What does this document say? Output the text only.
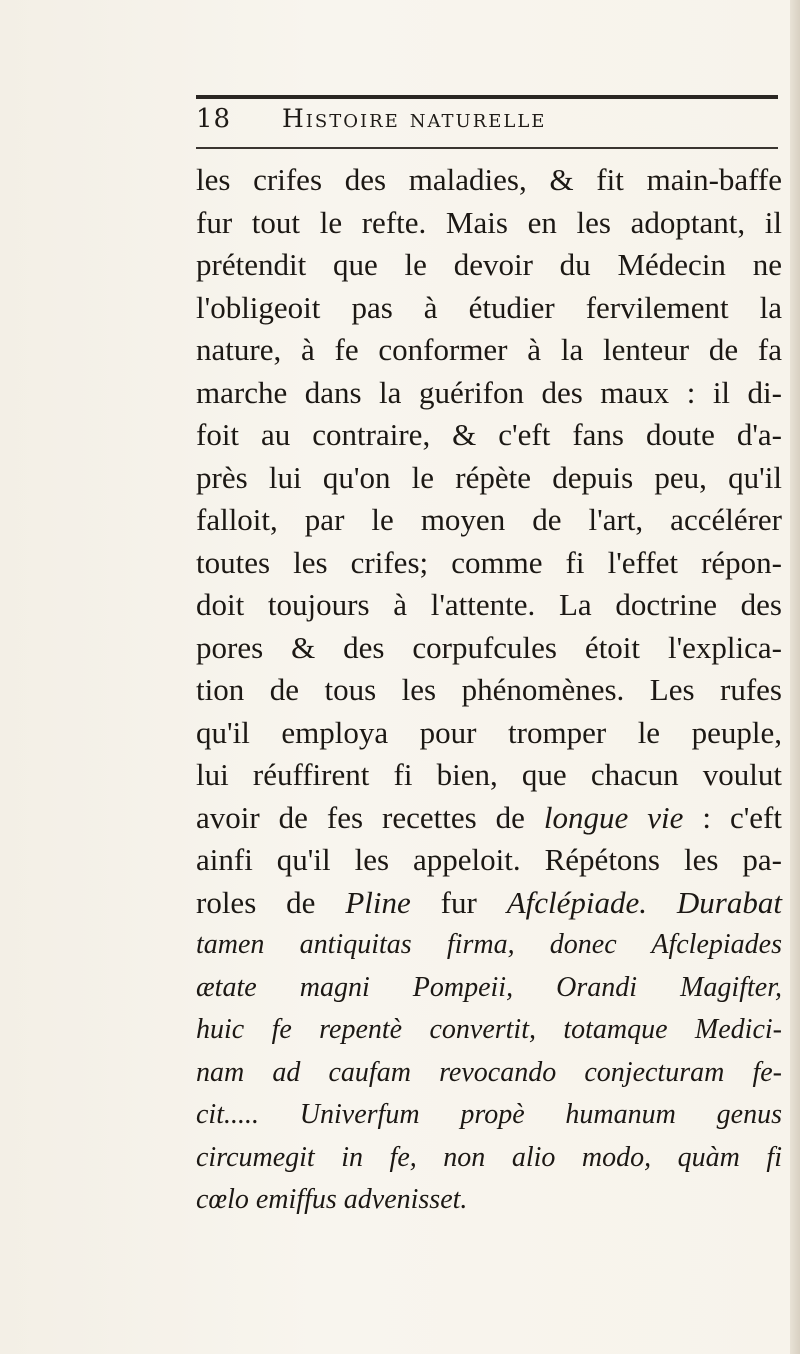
18 Histoire naturelle
les crifes des maladies, & fit main-baffe
fur tout le refte. Mais en les adoptant, il
prétendit que le devoir du Médecin ne
l'obligeoit pas à étudier fervilement la
nature, à fe conformer à la lenteur de fa
marche dans la guérifon des maux : il di-
foit au contraire, & c'eft fans doute d'a-
près lui qu'on le répète depuis peu, qu'il
falloit, par le moyen de l'art, accélérer
toutes les crifes; comme fi l'effet répon-
doit toujours à l'attente. La doctrine des
pores & des corpufcules étoit l'explica-
tion de tous les phénomènes. Les rufes
qu'il employa pour tromper le peuple,
lui réuffirent fi bien, que chacun voulut
avoir de fes recettes de longue vie : c'eft
ainfi qu'il les appeloit. Répétons les pa-
roles de Pline fur Afclépiade. Durabat
tamen antiquitas firma, donec Afclepiades
ætate magni Pompeii, Orandi Magifter,
huic fe repentè convertit, totamque Medici-
nam ad caufam revocando conjecturam fe-
cit..... Univerfum propè humanum genus
circumegit in fe, non alio modo, quàm fi
cœlo emiffus advenisset.
